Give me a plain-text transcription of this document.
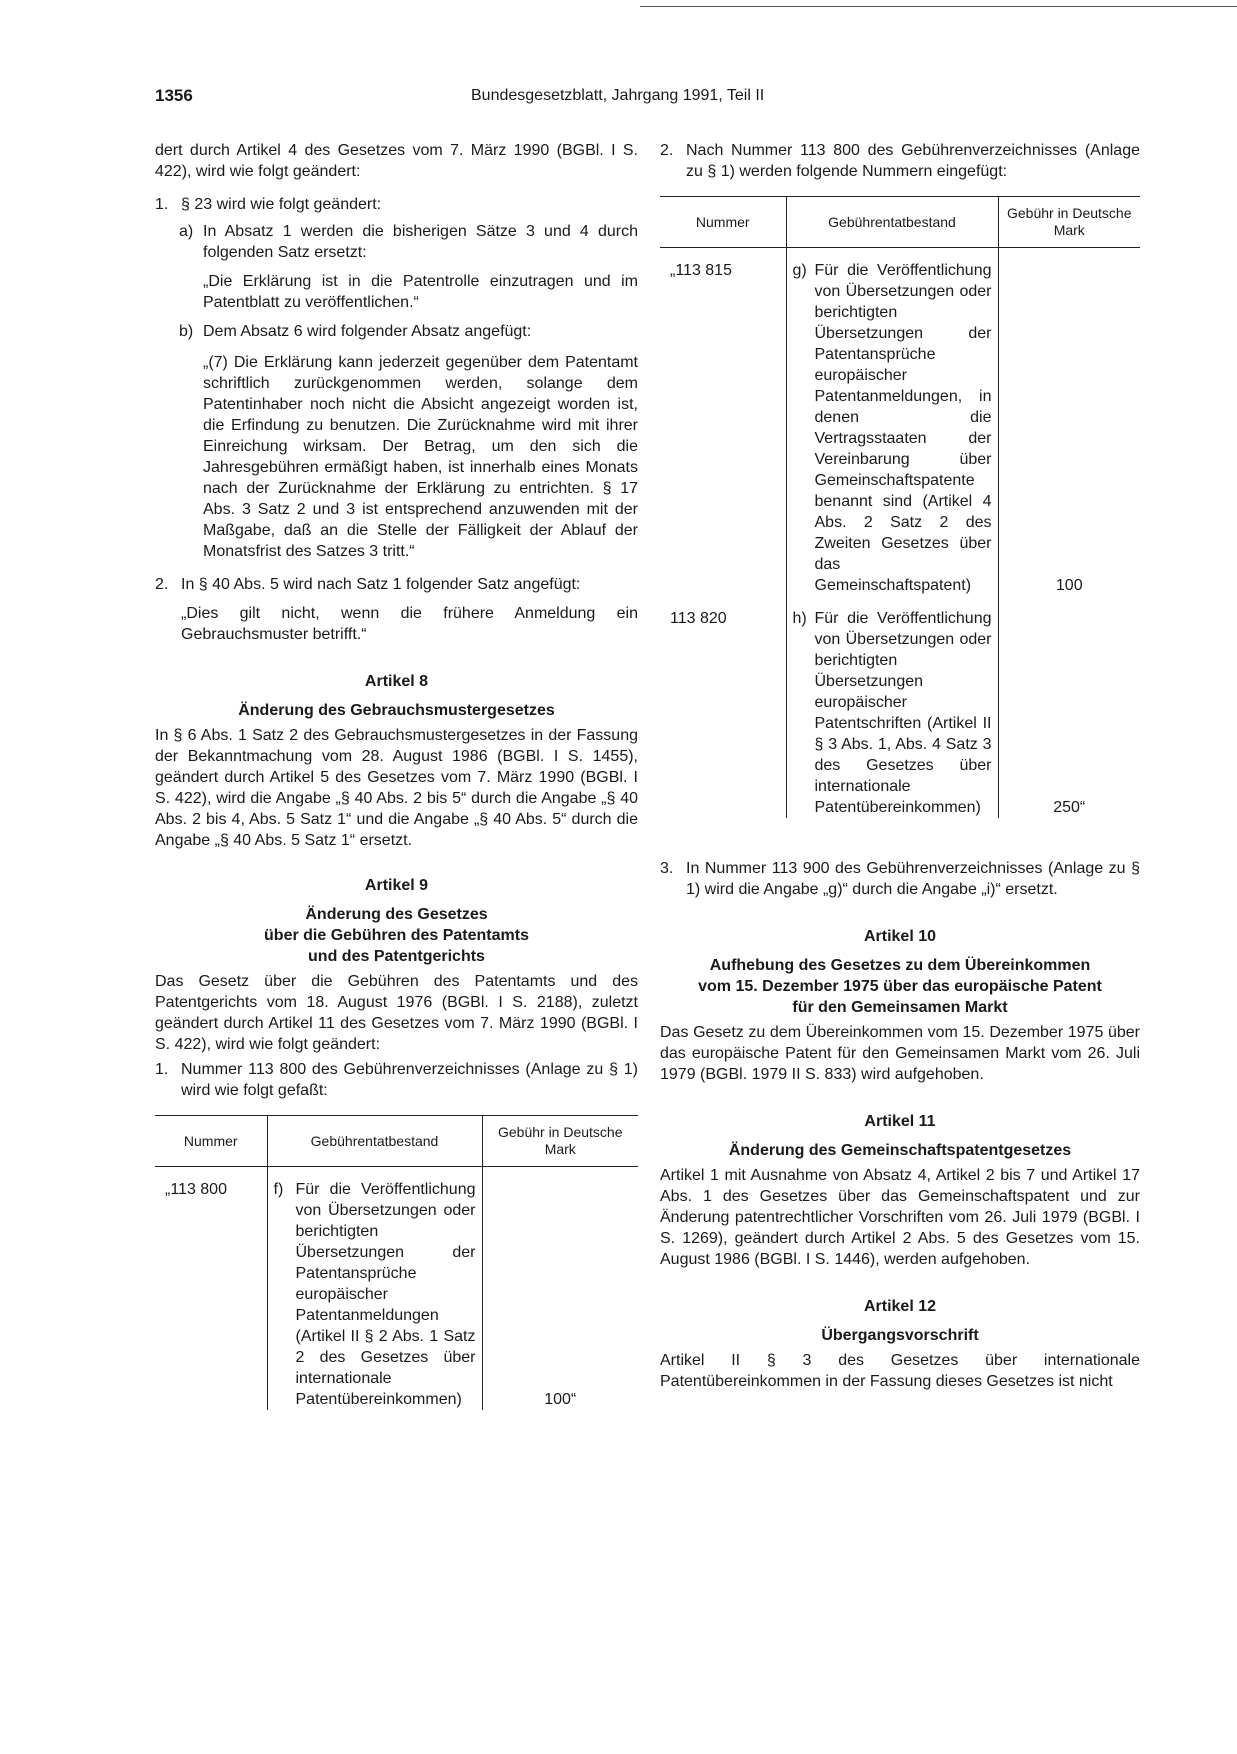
1356	Bundesgesetzblatt, Jahrgang 1991, Teil II

dert durch Artikel 4 des Gesetzes vom 7. März 1990 (BGBl. I S. 422), wird wie folgt geändert:

1. § 23 wird wie folgt geändert:
a) In Absatz 1 werden die bisherigen Sätze 3 und 4 durch folgenden Satz ersetzt:

„Die Erklärung ist in die Patentrolle einzutragen und im Patentblatt zu veröffentlichen.“

b) Dem Absatz 6 wird folgender Absatz angefügt:

„(7) Die Erklärung kann jederzeit gegenüber dem Patentamt schriftlich zurückgenommen werden, solange dem Patentinhaber noch nicht die Absicht angezeigt worden ist, die Erfindung zu benutzen. Die Zurücknahme wird mit ihrer Einreichung wirksam. Der Betrag, um den sich die Jahresgebühren ermäßigt haben, ist innerhalb eines Monats nach der Zurücknahme der Erklärung zu entrichten. § 17 Abs. 3 Satz 2 und 3 ist entsprechend anzuwenden mit der Maßgabe, daß an die Stelle der Fälligkeit der Ablauf der Monatsfrist des Satzes 3 tritt.“

2. In § 40 Abs. 5 wird nach Satz 1 folgender Satz angefügt:

„Dies gilt nicht, wenn die frühere Anmeldung ein Gebrauchsmuster betrifft.“

Artikel 8

Änderung des Gebrauchsmustergesetzes

In § 6 Abs. 1 Satz 2 des Gebrauchsmustergesetzes in der Fassung der Bekanntmachung vom 28. August 1986 (BGBl. I S. 1455), geändert durch Artikel 5 des Gesetzes vom 7. März 1990 (BGBl. I S. 422), wird die Angabe „§ 40 Abs. 2 bis 5“ durch die Angabe „§ 40 Abs. 2 bis 4, Abs. 5 Satz 1“ und die Angabe „§ 40 Abs. 5“ durch die Angabe „§ 40 Abs. 5 Satz 1“ ersetzt.

Artikel 9

Änderung des Gesetzes

über die Gebühren des Patentamts

und des Patentgerichts

Das Gesetz über die Gebühren des Patentamts und des Patentgerichts vom 18. August 1976 (BGBl. I S. 2188), zuletzt geändert durch Artikel 11 des Gesetzes vom 7. März 1990 (BGBl. I S. 422), wird wie folgt geändert:

1. Nummer 113 800 des Gebührenverzeichnisses (Anlage zu § 1) wird wie folgt gefaßt:
Nummer	Gebührentatbestand	Gebühr in Deutsche Mark

„113 800	f) Für die Veröffentlichung von Übersetzungen oder berichtigten Übersetzungen der Patentansprüche europäischer Patentanmeldungen (Artikel II § 2 Abs. 1 Satz 2 des Gesetzes über internationale Patentübereinkommen)	100“
2. Nach Nummer 113 800 des Gebührenverzeichnisses (Anlage zu § 1) werden folgende Nummern eingefügt:
Nummer	Gebührentatbestand	Gebühr in Deutsche Mark

„113 815	g) Für die Veröffentlichung von Übersetzungen oder berichtigten Übersetzungen der Patentansprüche europäischer Patentanmeldungen, in denen die Vertragsstaaten der Vereinbarung über Gemeinschaftspatente benannt sind (Artikel 4 Abs. 2 Satz 2 des Zweiten Gesetzes über das Gemeinschaftspatent)	100

113 820	h) Für die Veröffentlichung von Übersetzungen oder berichtigten Übersetzungen europäischer Patentschriften (Artikel II § 3 Abs. 1, Abs. 4 Satz 3 des Gesetzes über internationale Patentübereinkommen)	250“
3. In Nummer 113 900 des Gebührenverzeichnisses (Anlage zu § 1) wird die Angabe „g)“ durch die Angabe „i)“ ersetzt.

Artikel 10

Aufhebung des Gesetzes zu dem Übereinkommen

vom 15. Dezember 1975 über das europäische Patent

für den Gemeinsamen Markt

Das Gesetz zu dem Übereinkommen vom 15. Dezember 1975 über das europäische Patent für den Gemeinsamen Markt vom 26. Juli 1979 (BGBl. 1979 II S. 833) wird aufgehoben.

Artikel 11

Änderung des Gemeinschaftspatentgesetzes

Artikel 1 mit Ausnahme von Absatz 4, Artikel 2 bis 7 und Artikel 17 Abs. 1 des Gesetzes über das Gemeinschaftspatent und zur Änderung patentrechtlicher Vorschriften vom 26. Juli 1979 (BGBl. I S. 1269), geändert durch Artikel 2 Abs. 5 des Gesetzes vom 15. August 1986 (BGBl. I S. 1446), werden aufgehoben.

Artikel 12

Übergangsvorschrift

Artikel II § 3 des Gesetzes über internationale Patentübereinkommen in der Fassung dieses Gesetzes ist nicht
